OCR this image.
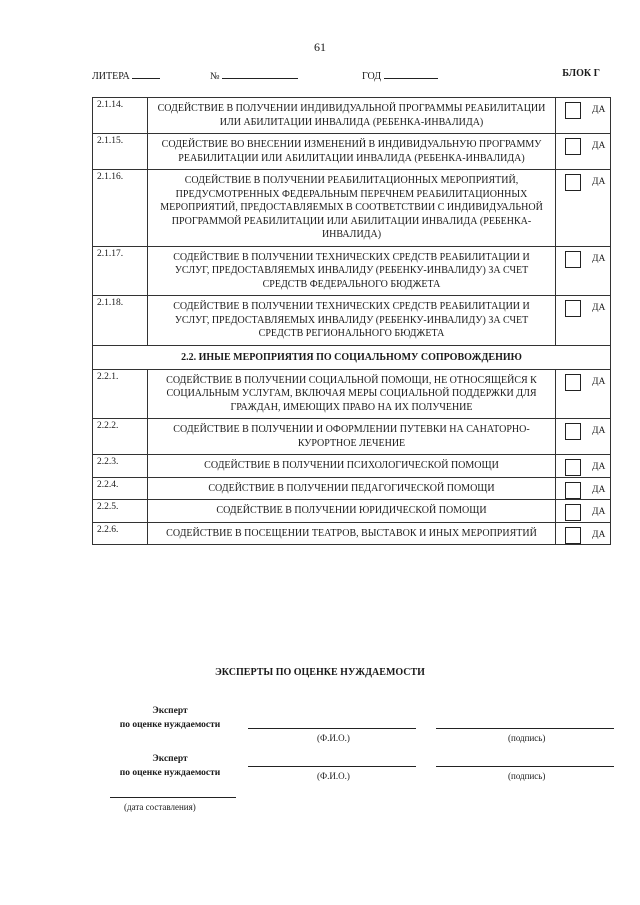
61
ЛИТЕРА	№	ГОД	БЛОК Г
2.1.14.	СОДЕЙСТВИЕ В ПОЛУЧЕНИИ ИНДИВИДУАЛЬНОЙ ПРОГРАММЫ РЕАБИЛИТАЦИИ ИЛИ АБИЛИТАЦИИ ИНВАЛИДА (РЕБЕНКА-ИНВАЛИДА)	ДА

2.1.15.	СОДЕЙСТВИЕ ВО ВНЕСЕНИИ ИЗМЕНЕНИЙ В ИНДИВИДУАЛЬНУЮ ПРОГРАММУ РЕАБИЛИТАЦИИ ИЛИ АБИЛИТАЦИИ ИНВАЛИДА (РЕБЕНКА-ИНВАЛИДА)	ДА

2.1.16.	СОДЕЙСТВИЕ В ПОЛУЧЕНИИ РЕАБИЛИТАЦИОННЫХ МЕРОПРИЯТИЙ, ПРЕДУСМОТРЕННЫХ ФЕДЕРАЛЬНЫМ ПЕРЕЧНЕМ РЕАБИЛИТАЦИОННЫХ МЕРОПРИЯТИЙ, ПРЕДОСТАВЛЯЕМЫХ В СООТВЕТСТВИИ С ИНДИВИДУАЛЬНОЙ ПРОГРАММОЙ РЕАБИЛИТАЦИИ ИЛИ АБИЛИТАЦИИ ИНВАЛИДА (РЕБЕНКА-ИНВАЛИДА)	ДА

2.1.17.	СОДЕЙСТВИЕ В ПОЛУЧЕНИИ ТЕХНИЧЕСКИХ СРЕДСТВ РЕАБИЛИТАЦИИ И УСЛУГ, ПРЕДОСТАВЛЯЕМЫХ ИНВАЛИДУ (РЕБЕНКУ-ИНВАЛИДУ) ЗА СЧЕТ СРЕДСТВ ФЕДЕРАЛЬНОГО БЮДЖЕТА	ДА

2.1.18.	СОДЕЙСТВИЕ В ПОЛУЧЕНИИ ТЕХНИЧЕСКИХ СРЕДСТВ РЕАБИЛИТАЦИИ И УСЛУГ, ПРЕДОСТАВЛЯЕМЫХ ИНВАЛИДУ (РЕБЕНКУ-ИНВАЛИДУ) ЗА СЧЕТ СРЕДСТВ РЕГИОНАЛЬНОГО БЮДЖЕТА	ДА

2.2. ИНЫЕ МЕРОПРИЯТИЯ ПО СОЦИАЛЬНОМУ СОПРОВОЖДЕНИЮ		
2.2.1.	СОДЕЙСТВИЕ В ПОЛУЧЕНИИ СОЦИАЛЬНОЙ ПОМОЩИ, НЕ ОТНОСЯЩЕЙСЯ К СОЦИАЛЬНЫМ УСЛУГАМ, ВКЛЮЧАЯ МЕРЫ СОЦИАЛЬНОЙ ПОДДЕРЖКИ ДЛЯ ГРАЖДАН, ИМЕЮЩИХ ПРАВО НА ИХ ПОЛУЧЕНИЕ	ДА

2.2.2.	СОДЕЙСТВИЕ В ПОЛУЧЕНИИ И ОФОРМЛЕНИИ ПУТЕВКИ НА САНАТОРНО-КУРОРТНОЕ ЛЕЧЕНИЕ	ДА

2.2.3.	СОДЕЙСТВИЕ В ПОЛУЧЕНИИ ПСИХОЛОГИЧЕСКОЙ ПОМОЩИ	ДА

2.2.4.	СОДЕЙСТВИЕ В ПОЛУЧЕНИИ ПЕДАГОГИЧЕСКОЙ ПОМОЩИ	ДА

2.2.5.	СОДЕЙСТВИЕ В ПОЛУЧЕНИИ ЮРИДИЧЕСКОЙ ПОМОЩИ	ДА

2.2.6.	СОДЕЙСТВИЕ В ПОСЕЩЕНИИ ТЕАТРОВ, ВЫСТАВОК И ИНЫХ МЕРОПРИЯТИЙ	ДА
ЭКСПЕРТЫ ПО ОЦЕНКЕ НУЖДАЕМОСТИ
Эксперт
по оценке нуждаемости
(Ф.И.О.)	(подпись)
Эксперт
по оценке нуждаемости	(Ф.И.О.)	(подпись)
(дата составления)
